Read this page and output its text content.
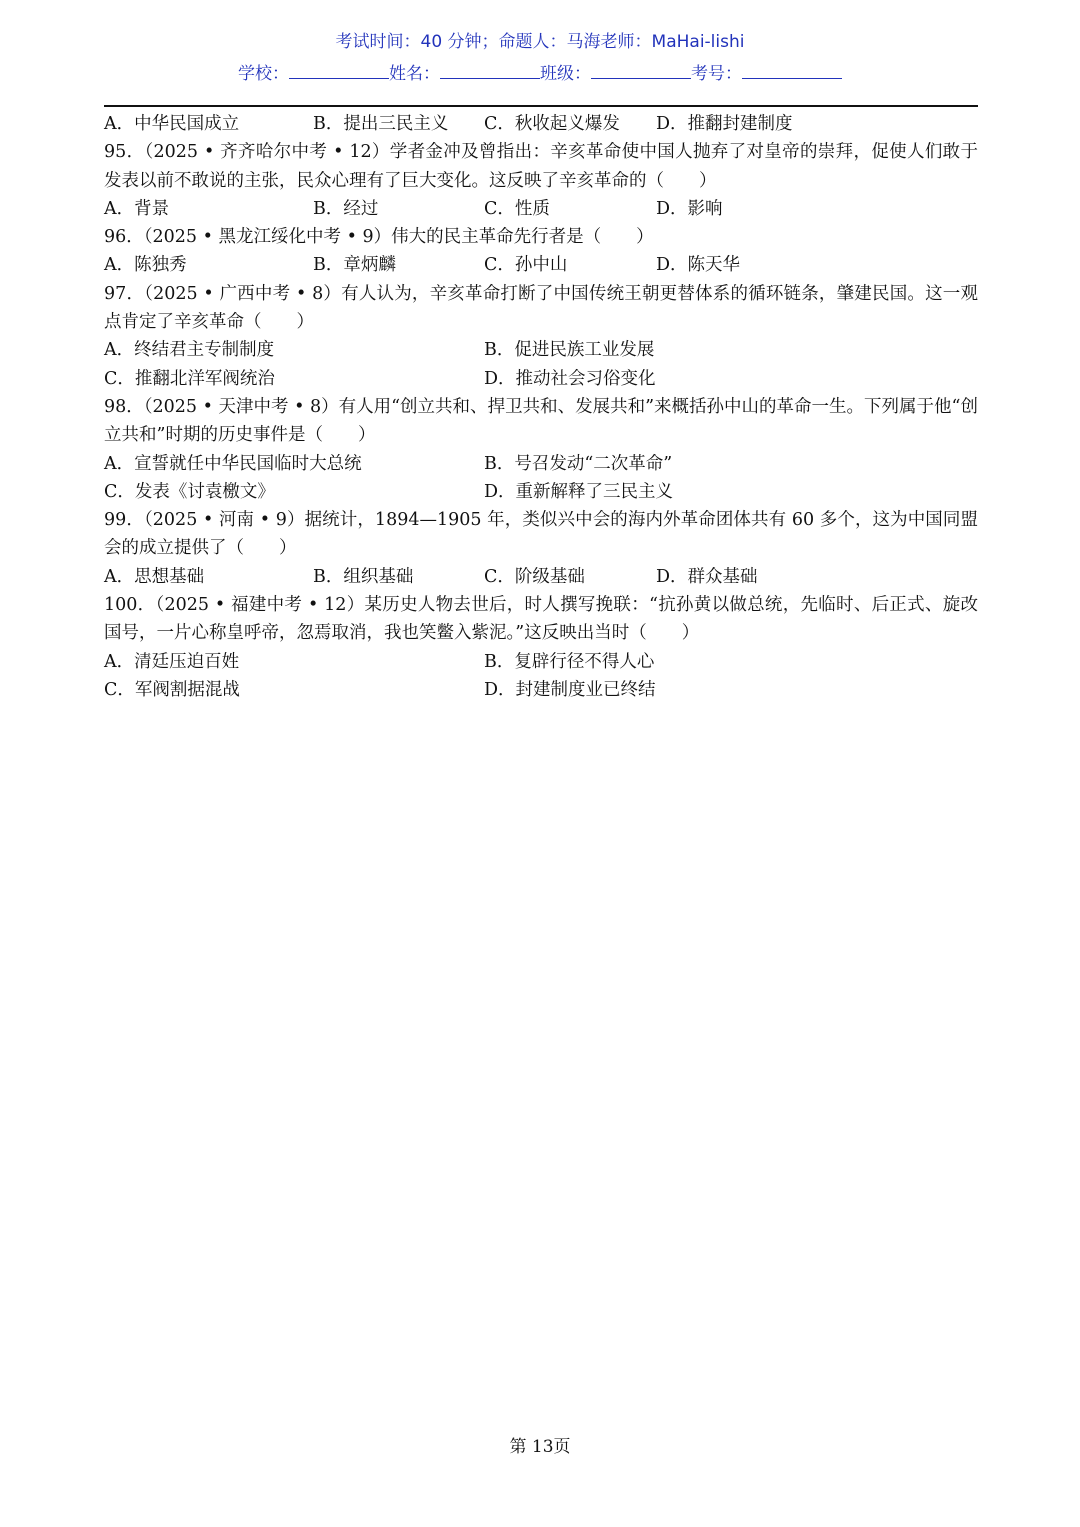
考试时间：40 分钟；命题人：马海老师：MaHai-lishi
学校：	姓名：	班级：	考号：
A．中华民国成立	B．提出三民主义 C．秋收起义爆发 D．推翻封建制度
95．（2025 • 齐齐哈尔中考 • 12）学者金冲及曾指出：辛亥革命使中国人抛弃了对皇帝的崇拜，促使人们敢于发表以前不敢说的主张，民众心理有了巨大变化。这反映了辛亥革命的（　　）
A．背景	B．经过	C．性质	D．影响
96．（2025 • 黑龙江绥化中考 • 9）伟大的民主革命先行者是（　　）
A．陈独秀	B．章炳麟	C．孙中山	D．陈天华
97．（2025 • 广西中考 • 8）有人认为，辛亥革命打断了中国传统王朝更替体系的循环链条，肇建民国。这一观点肯定了辛亥革命（　　）
A．终结君主专制制度	B．促进民族工业发展
C．推翻北洋军阀统治	D．推动社会习俗变化
98．（2025 • 天津中考 • 8）有人用“创立共和、捍卫共和、发展共和”来概括孙中山的革命一生。下列属于他“创立共和”时期的历史事件是（　　）
A．宣誓就任中华民国临时大总统	B．号召发动“二次革命”
C．发表《讨袁檄文》	D．重新解释了三民主义
99．（2025 • 河南 • 9）据统计，1894—1905 年，类似兴中会的海内外革命团体共有 60 多个，这为中国同盟会的成立提供了（　　）
A．思想基础	B．组织基础	C．阶级基础	D．群众基础
100．（2025 • 福建中考 • 12）某历史人物去世后，时人撰写挽联：“抗孙黄以做总统，先临时、后正式、旋改国号，一片心称皇呼帝，忽焉取消，我也笑鳖入紫泥。”这反映出当时（　　）
A．清廷压迫百姓	B．复辟行径不得人心
C．军阀割据混战	D．封建制度业已终结
第 13页
